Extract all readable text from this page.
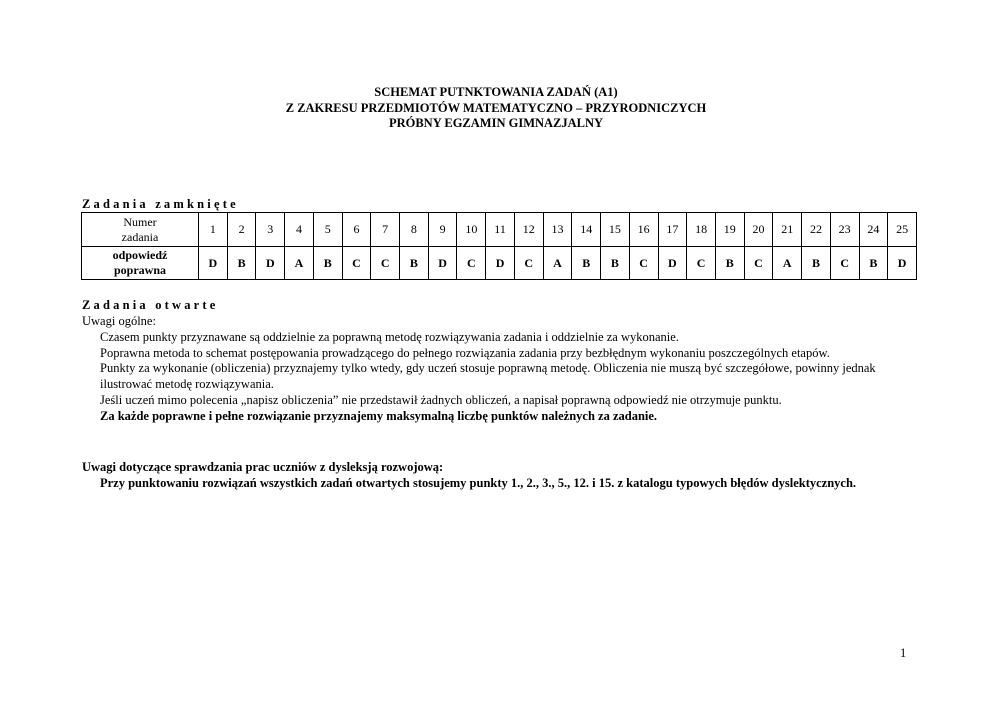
SCHEMAT PUTNKTOWANIA ZADAŃ (A1)
Z ZAKRESU PRZEDMIOTÓW MATEMATYCZNO – PRZYRODNICZYCH
PRÓBNY EGZAMIN GIMNAZJALNY
Zadania zamknięte
Numer
zadania	1	2	3	4	5	6	7	8	9	10	11	12	13	14	15	16	17	18	19	20	21	22	23	24	25

odpowiedź
poprawna	D	B	D	A	B	C	C	B	D	C	D	C	A	B	B	C	D	C	B	C	A	B	C	B	D
Zadania otwarte
Uwagi ogólne:
Czasem punkty przyznawane są oddzielnie za poprawną metodę rozwiązywania zadania i oddzielnie za wykonanie.
Poprawna metoda to schemat postępowania prowadzącego do pełnego rozwiązania zadania przy bezbłędnym wykonaniu poszczególnych etapów.
Punkty za wykonanie (obliczenia) przyznajemy tylko wtedy, gdy uczeń stosuje poprawną metodę. Obliczenia nie muszą być szczegółowe, powinny jednak ilustrować metodę rozwiązywania.
Jeśli uczeń mimo polecenia „napisz obliczenia” nie przedstawił żadnych obliczeń, a napisał poprawną odpowiedź nie otrzymuje punktu.
Za każde poprawne i pełne rozwiązanie przyznajemy maksymalną liczbę punktów należnych za zadanie.
Uwagi dotyczące sprawdzania prac uczniów z dysleksją rozwojową:
Przy punktowaniu rozwiązań wszystkich zadań otwartych stosujemy punkty 1., 2., 3., 5., 12. i 15. z katalogu typowych błędów dyslektycznych.
1
